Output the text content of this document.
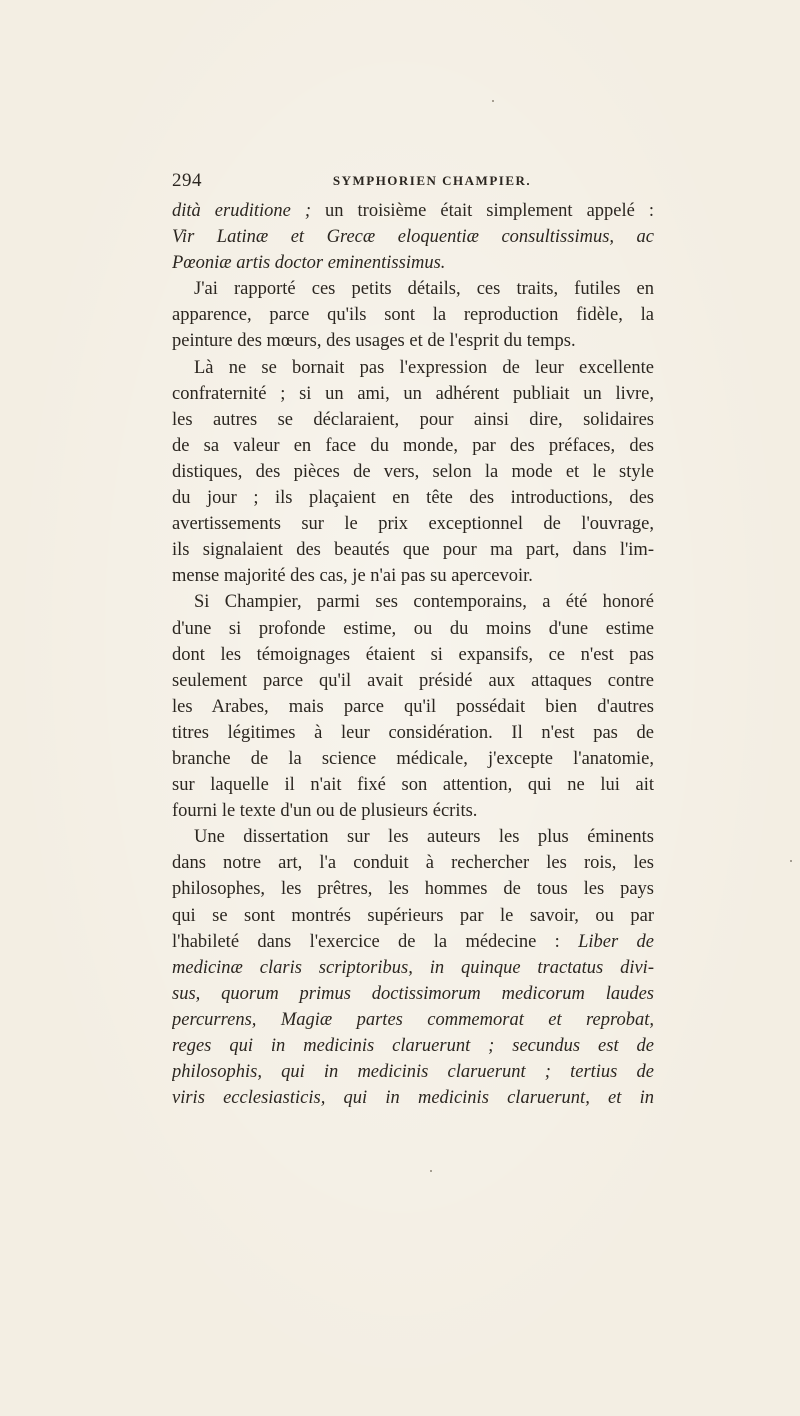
294	SYMPHORIEN CHAMPIER.
dità eruditione ; un troisième était simplement appelé :
Vir Latinæ et Grecæ eloquentiæ consultissimus, ac
Pœoniæ artis doctor eminentissimus.
J'ai rapporté ces petits détails, ces traits, futiles en
apparence, parce qu'ils sont la reproduction fidèle, la
peinture des mœurs, des usages et de l'esprit du temps.
Là ne se bornait pas l'expression de leur excellente
confraternité ; si un ami, un adhérent publiait un livre,
les autres se déclaraient, pour ainsi dire, solidaires
de sa valeur en face du monde, par des préfaces, des
distiques, des pièces de vers, selon la mode et le style
du jour ; ils plaçaient en tête des introductions, des
avertissements sur le prix exceptionnel de l'ouvrage,
ils signalaient des beautés que pour ma part, dans l'im-
mense majorité des cas, je n'ai pas su apercevoir.
Si Champier, parmi ses contemporains, a été honoré
d'une si profonde estime, ou du moins d'une estime
dont les témoignages étaient si expansifs, ce n'est pas
seulement parce qu'il avait présidé aux attaques contre
les Arabes, mais parce qu'il possédait bien d'autres
titres légitimes à leur considération. Il n'est pas de
branche de la science médicale, j'excepte l'anatomie,
sur laquelle il n'ait fixé son attention, qui ne lui ait
fourni le texte d'un ou de plusieurs écrits.
Une dissertation sur les auteurs les plus éminents
dans notre art, l'a conduit à rechercher les rois, les
philosophes, les prêtres, les hommes de tous les pays
qui se sont montrés supérieurs par le savoir, ou par
l'habileté dans l'exercice de la médecine : Liber de
medicinæ claris scriptoribus, in quinque tractatus divi-
sus, quorum primus doctissimorum medicorum laudes
percurrens, Magiæ partes commemorat et reprobat,
reges qui in medicinis claruerunt ; secundus est de
philosophis, qui in medicinis claruerunt ; tertius de
viris ecclesiasticis, qui in medicinis claruerunt, et in
